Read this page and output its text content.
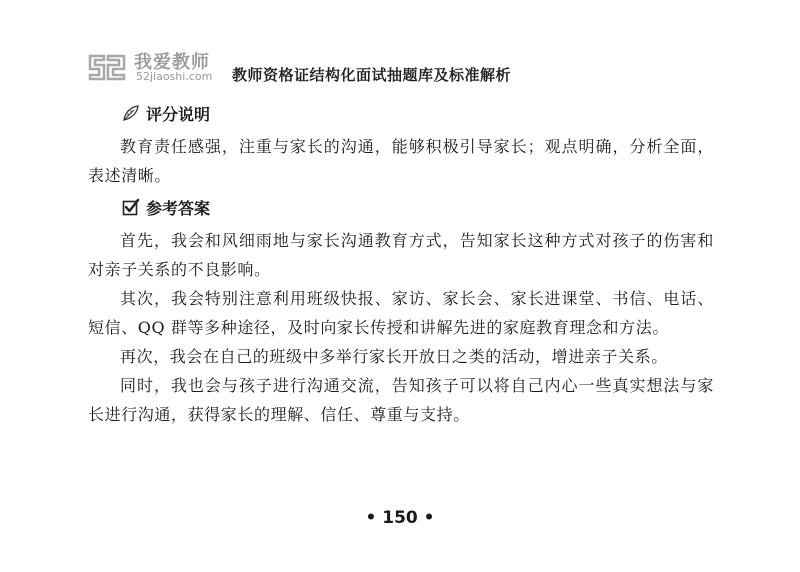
我爱教师
52jiaoshi.com 教师资格证结构化面试抽题库及标准解析
评分说明

教育责任感强，注重与家长的沟通，能够积极引导家长；观点明确，分析全面，表述清晰。

参考答案

首先，我会和风细雨地与家长沟通教育方式，告知家长这种方式对孩子的伤害和对亲子关系的不良影响。

其次，我会特别注意利用班级快报、家访、家长会、家长进课堂、书信、电话、短信、QQ 群等多种途径，及时向家长传授和讲解先进的家庭教育理念和方法。

再次，我会在自己的班级中多举行家长开放日之类的活动，增进亲子关系。

同时，我也会与孩子进行沟通交流，告知孩子可以将自己内心一些真实想法与家长进行沟通，获得家长的理解、信任、尊重与支持。

• 150 •
